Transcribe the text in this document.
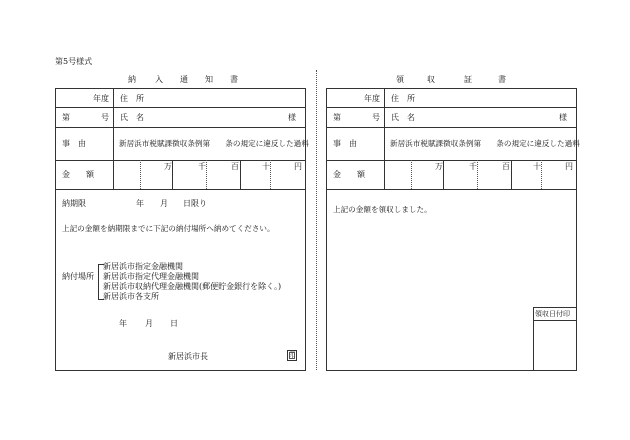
第5号様式
納 入 通 知 書
年度 住　所
第	号 氏　名	様
事　由	新居浜市税賦課徴収条例第　　条の規定に違反した過料
金　　額
万	千	百	十	円
納期限	年 月 日限り
上記の金額を納期限までに下記の納付場所へ納めてください。
納付場所
新居浜市指定金融機関
新居浜市指定代理金融機関
新居浜市収納代理金融機関(郵便貯金銀行を除く。)
新居浜市各支所
年 月 日
新居浜市長	印
領	収	証	書
年度 住　所
第	号 氏　名	様
事　由	新居浜市税賦課徴収条例第　　条の規定に違反した過料
金　　額
万	千	百	十	円
上記の金額を領収しました。
領収日付印
